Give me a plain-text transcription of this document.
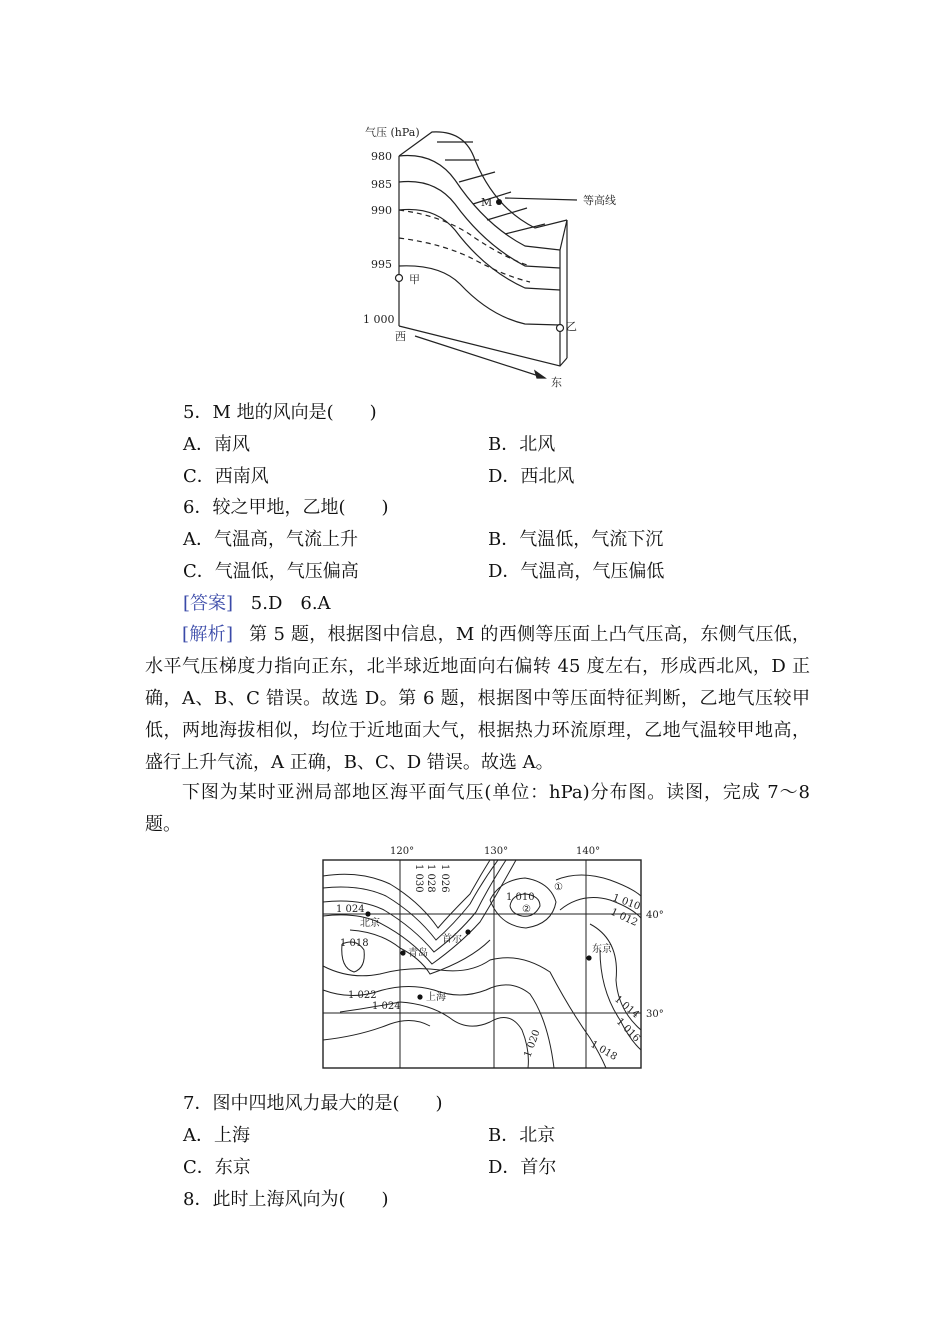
气压 (hPa)
980
985
990
995
1 000
M	等高线
甲
乙
西
东
5．M 地的风向是(　　)
A．南风	B．北风
C．西南风	D．西北风
6．较之甲地，乙地(　　)
A．气温高，气流上升	B．气温低，气流下沉
C．气温低，气压偏高	D．气温高，气压偏低
[答案] 5.D　6.A
[解析] 第 5 题，根据图中信息，M 的西侧等压面上凸气压高，东侧气压低，水平气压梯度力指向正东，北半球近地面向右偏转 45 度左右，形成西北风，D 正确，A、B、C 错误。故选 D。第 6 题，根据图中等压面特征判断，乙地气压较甲低，两地海拔相似，均位于近地面大气，根据热力环流原理，乙地气温较甲地高，盛行上升气流，A 正确，B、C、D 错误。故选 A。
下图为某时亚洲局部地区海平面气压(单位：hPa)分布图。读图，完成 7～8 题。
120°	130°	140°
40°
30°
1 030 1 028 1 026
1 024
1 018
1 022
1 024
1 010	1 010
1 012
1 014
1 016
1 018
1 020
①
②
北京
青岛
首尔
东京
上海
7．图中四地风力最大的是(　　)
A．上海	B．北京
C．东京	D．首尔
8．此时上海风向为(　　)
